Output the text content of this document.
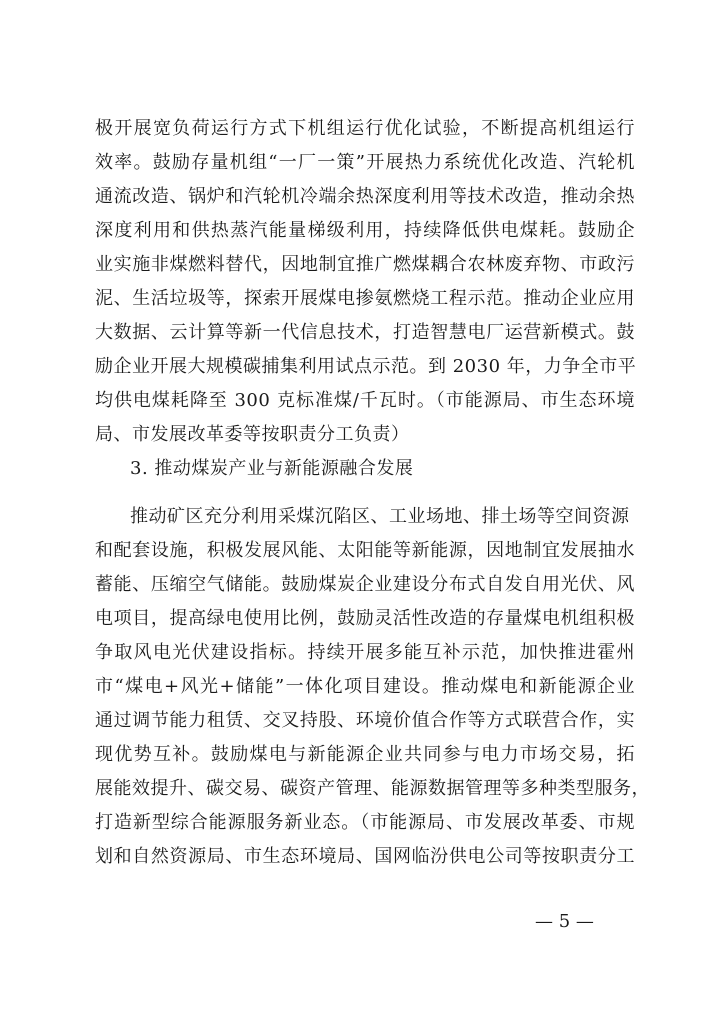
极开展宽负荷运行方式下机组运行优化试验，不断提高机组运行
效率。鼓励存量机组“一厂一策”开展热力系统优化改造、汽轮机
通流改造、锅炉和汽轮机冷端余热深度利用等技术改造，推动余热
深度利用和供热蒸汽能量梯级利用，持续降低供电煤耗。鼓励企
业实施非煤燃料替代，因地制宜推广燃煤耦合农林废弃物、市政污
泥、生活垃圾等，探索开展煤电掺氨燃烧工程示范。推动企业应用
大数据、云计算等新一代信息技术，打造智慧电厂运营新模式。鼓
励企业开展大规模碳捕集利用试点示范。到 2030 年，力争全市平
均供电煤耗降至 300 克标准煤/千瓦时。（市能源局、市生态环境
局、市发展改革委等按职责分工负责）
3. 推动煤炭产业与新能源融合发展
推动矿区充分利用采煤沉陷区、工业场地、排土场等空间资源
和配套设施，积极发展风能、太阳能等新能源，因地制宜发展抽水
蓄能、压缩空气储能。鼓励煤炭企业建设分布式自发自用光伏、风
电项目，提高绿电使用比例，鼓励灵活性改造的存量煤电机组积极
争取风电光伏建设指标。持续开展多能互补示范，加快推进霍州
市“煤电+风光+储能”一体化项目建设。推动煤电和新能源企业
通过调节能力租赁、交叉持股、环境价值合作等方式联营合作，实
现优势互补。鼓励煤电与新能源企业共同参与电力市场交易，拓
展能效提升、碳交易、碳资产管理、能源数据管理等多种类型服务，
打造新型综合能源服务新业态。（市能源局、市发展改革委、市规
划和自然资源局、市生态环境局、国网临汾供电公司等按职责分工
— 5 —
